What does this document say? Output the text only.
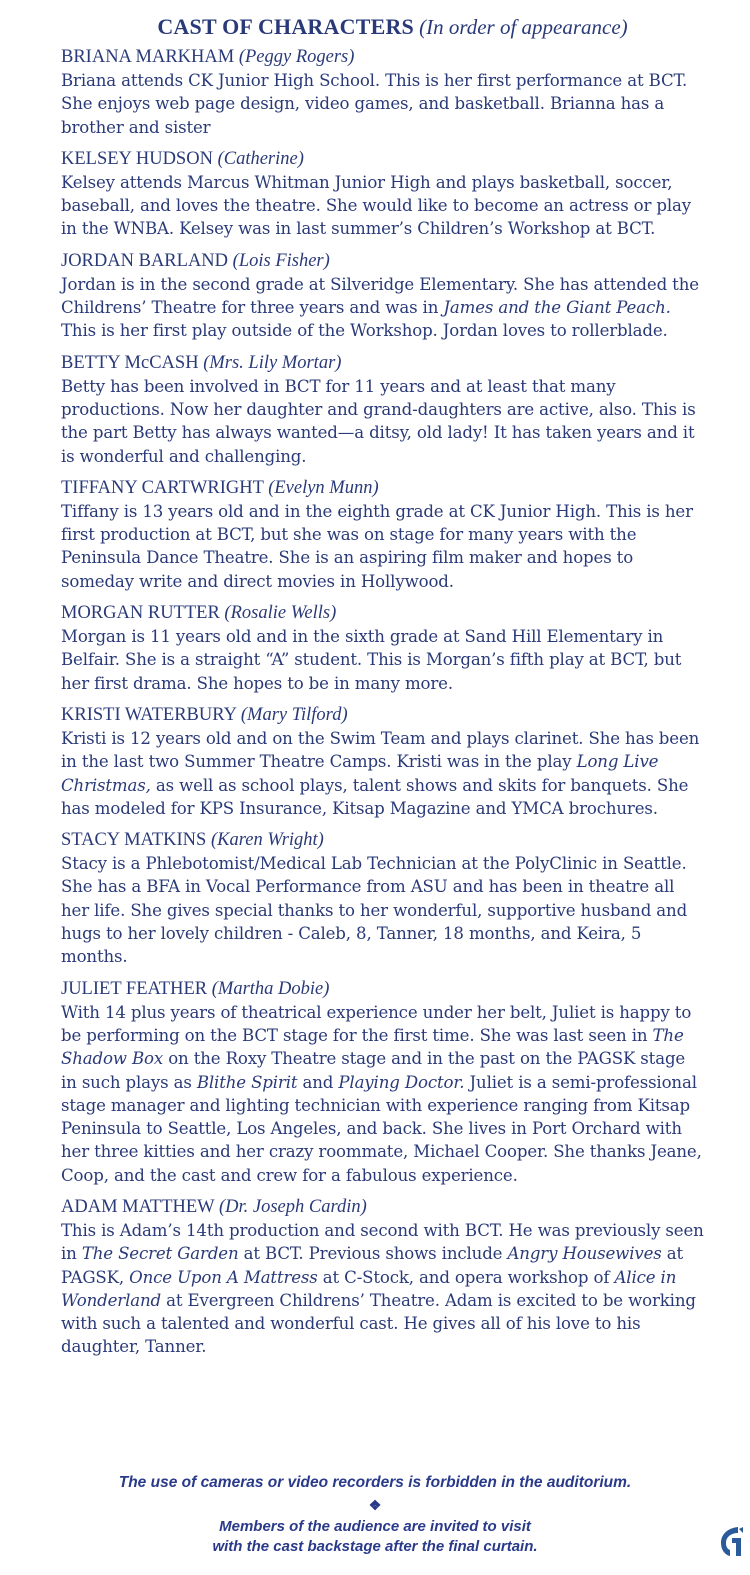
CAST OF CHARACTERS (In order of appearance)
BRIANA MARKHAM (Peggy Rogers)

Briana attends CK Junior High School. This is her first performance at BCT. She enjoys web page design, video games, and basketball. Brianna has a brother and sister

KELSEY HUDSON (Catherine)

Kelsey attends Marcus Whitman Junior High and plays basketball, soccer, baseball, and loves the theatre. She would like to become an actress or play in the WNBA. Kelsey was in last summer’s Children’s Workshop at BCT.

JORDAN BARLAND (Lois Fisher)

Jordan is in the second grade at Silveridge Elementary. She has attended the Childrens’ Theatre for three years and was in James and the Giant Peach. This is her first play outside of the Workshop. Jordan loves to rollerblade.

BETTY McCASH (Mrs. Lily Mortar)

Betty has been involved in BCT for 11 years and at least that many productions. Now her daughter and grand-daughters are active, also. This is the part Betty has always wanted—a ditsy, old lady! It has taken years and it is wonderful and challenging.

TIFFANY CARTWRIGHT (Evelyn Munn)

Tiffany is 13 years old and in the eighth grade at CK Junior High. This is her first production at BCT, but she was on stage for many years with the Peninsula Dance Theatre. She is an aspiring film maker and hopes to someday write and direct movies in Hollywood.

MORGAN RUTTER (Rosalie Wells)

Morgan is 11 years old and in the sixth grade at Sand Hill Elementary in Belfair. She is a straight “A” student. This is Morgan’s fifth play at BCT, but her first drama. She hopes to be in many more.

KRISTI WATERBURY (Mary Tilford)

Kristi is 12 years old and on the Swim Team and plays clarinet. She has been in the last two Summer Theatre Camps. Kristi was in the play Long Live Christmas, as well as school plays, talent shows and skits for banquets. She has modeled for KPS Insurance, Kitsap Magazine and YMCA brochures.

STACY MATKINS (Karen Wright)

Stacy is a Phlebotomist/Medical Lab Technician at the PolyClinic in Seattle. She has a BFA in Vocal Performance from ASU and has been in theatre all her life. She gives special thanks to her wonderful, supportive husband and hugs to her lovely children - Caleb, 8, Tanner, 18 months, and Keira, 5 months.

JULIET FEATHER (Martha Dobie)

With 14 plus years of theatrical experience under her belt, Juliet is happy to be performing on the BCT stage for the first time. She was last seen in The Shadow Box on the Roxy Theatre stage and in the past on the PAGSK stage in such plays as Blithe Spirit and Playing Doctor. Juliet is a semi-professional stage manager and lighting technician with experience ranging from Kitsap Peninsula to Seattle, Los Angeles, and back. She lives in Port Orchard with her three kitties and her crazy roommate, Michael Cooper. She thanks Jeane, Coop, and the cast and crew for a fabulous experience.

ADAM MATTHEW (Dr. Joseph Cardin)

This is Adam’s 14th production and second with BCT. He was previously seen in The Secret Garden at BCT. Previous shows include Angry Housewives at PAGSK, Once Upon A Mattress at C-Stock, and opera workshop of Alice in Wonderland at Evergreen Childrens’ Theatre. Adam is excited to be working with such a talented and wonderful cast. He gives all of his love to his daughter, Tanner.

The use of cameras or video recorders is forbidden in the auditorium.
❖
Members of the audience are invited to visit
with the cast backstage after the final curtain.
